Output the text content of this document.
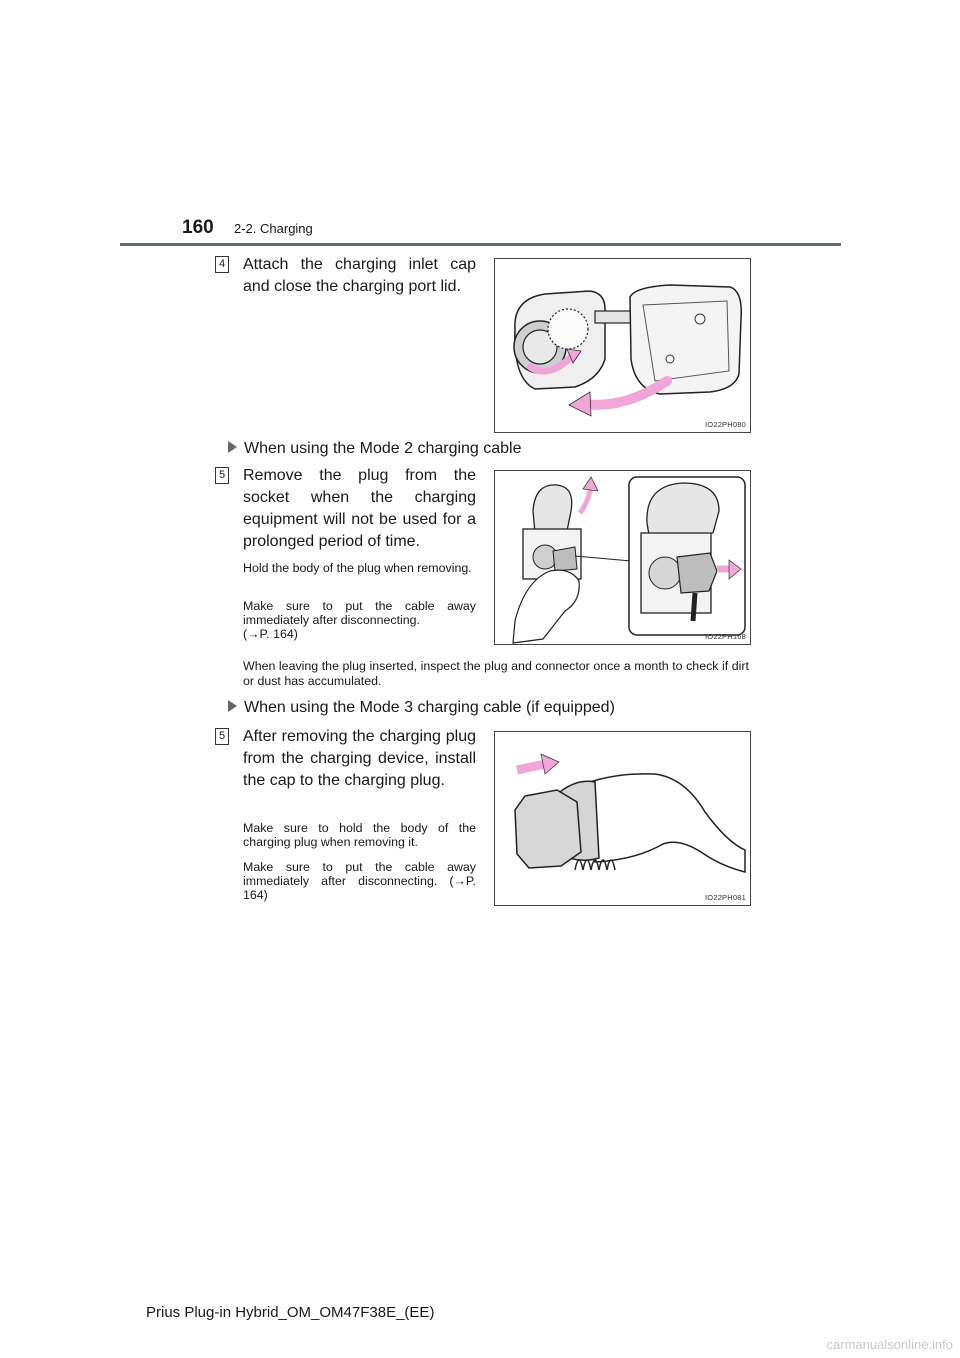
160 2-2. Charging
4 Attach the charging inlet cap and close the charging port lid.
IO22PH080
When using the Mode 2 charging cable
5 Remove the plug from the socket when the charging equipment will not be used for a prolonged period of time.
Hold the body of the plug when removing.
Make sure to put the cable away immediately after disconnecting.
(→P. 164)	IO22PH168
When leaving the plug inserted, inspect the plug and connector once a month to check if dirt or dust has accumulated.
When using the Mode 3 charging cable (if equipped)
5 After removing the charging plug from the charging device, install the cap to the charging plug.
Make sure to hold the body of the charging plug when removing it.
Make sure to put the cable away immediately after disconnecting. (→P. 164)	IO22PH081
Prius Plug-in Hybrid_OM_OM47F38E_(EE)
carmanualsonline.info
